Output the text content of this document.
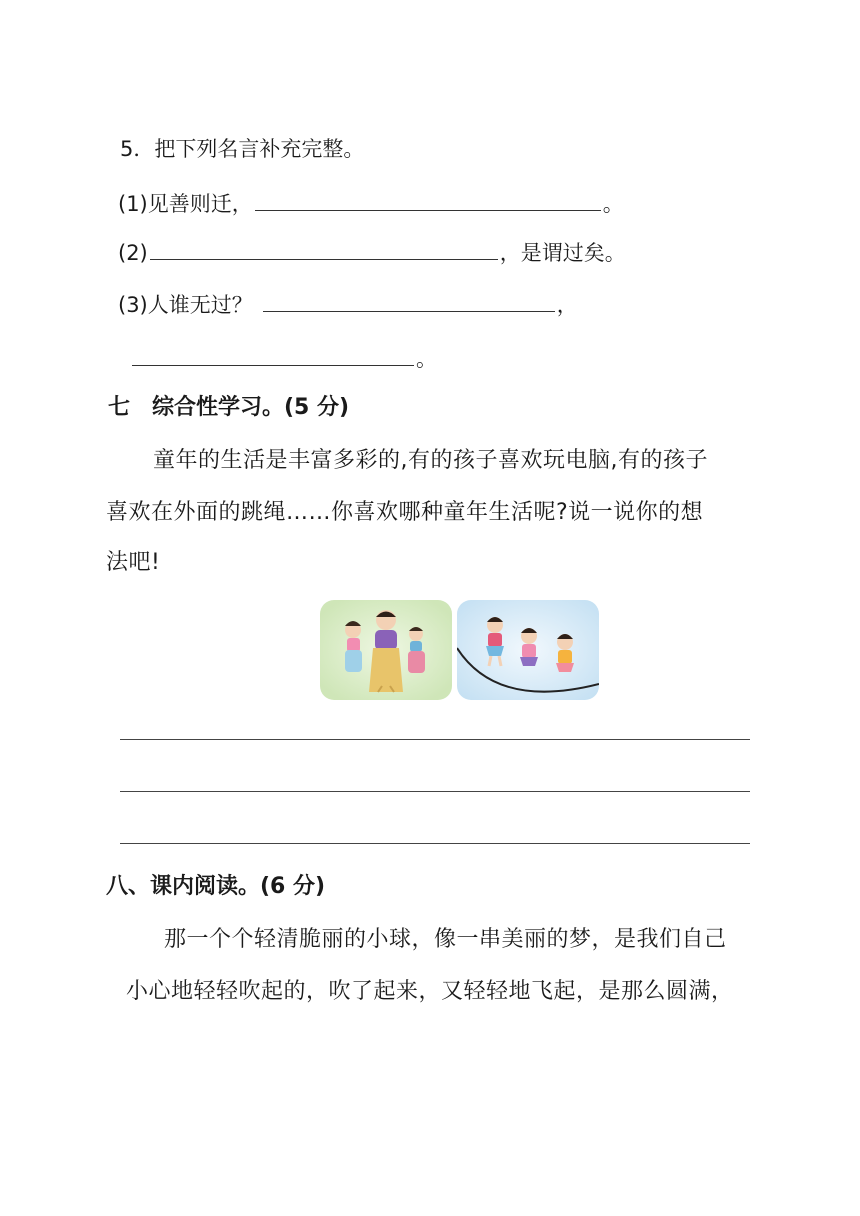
5．把下列名言补充完整。
(1)见善则迁，	。
(2)	，是谓过矣。
(3)人谁无过？	，
。
七　综合性学习。(5 分)
童年的生活是丰富多彩的,有的孩子喜欢玩电脑,有的孩子
喜欢在外面的跳绳……你喜欢哪种童年生活呢?说一说你的想
法吧!
八、课内阅读。(6 分)
那一个个轻清脆丽的小球，像一串美丽的梦，是我们自己
小心地轻轻吹起的，吹了起来，又轻轻地飞起，是那么圆满，
